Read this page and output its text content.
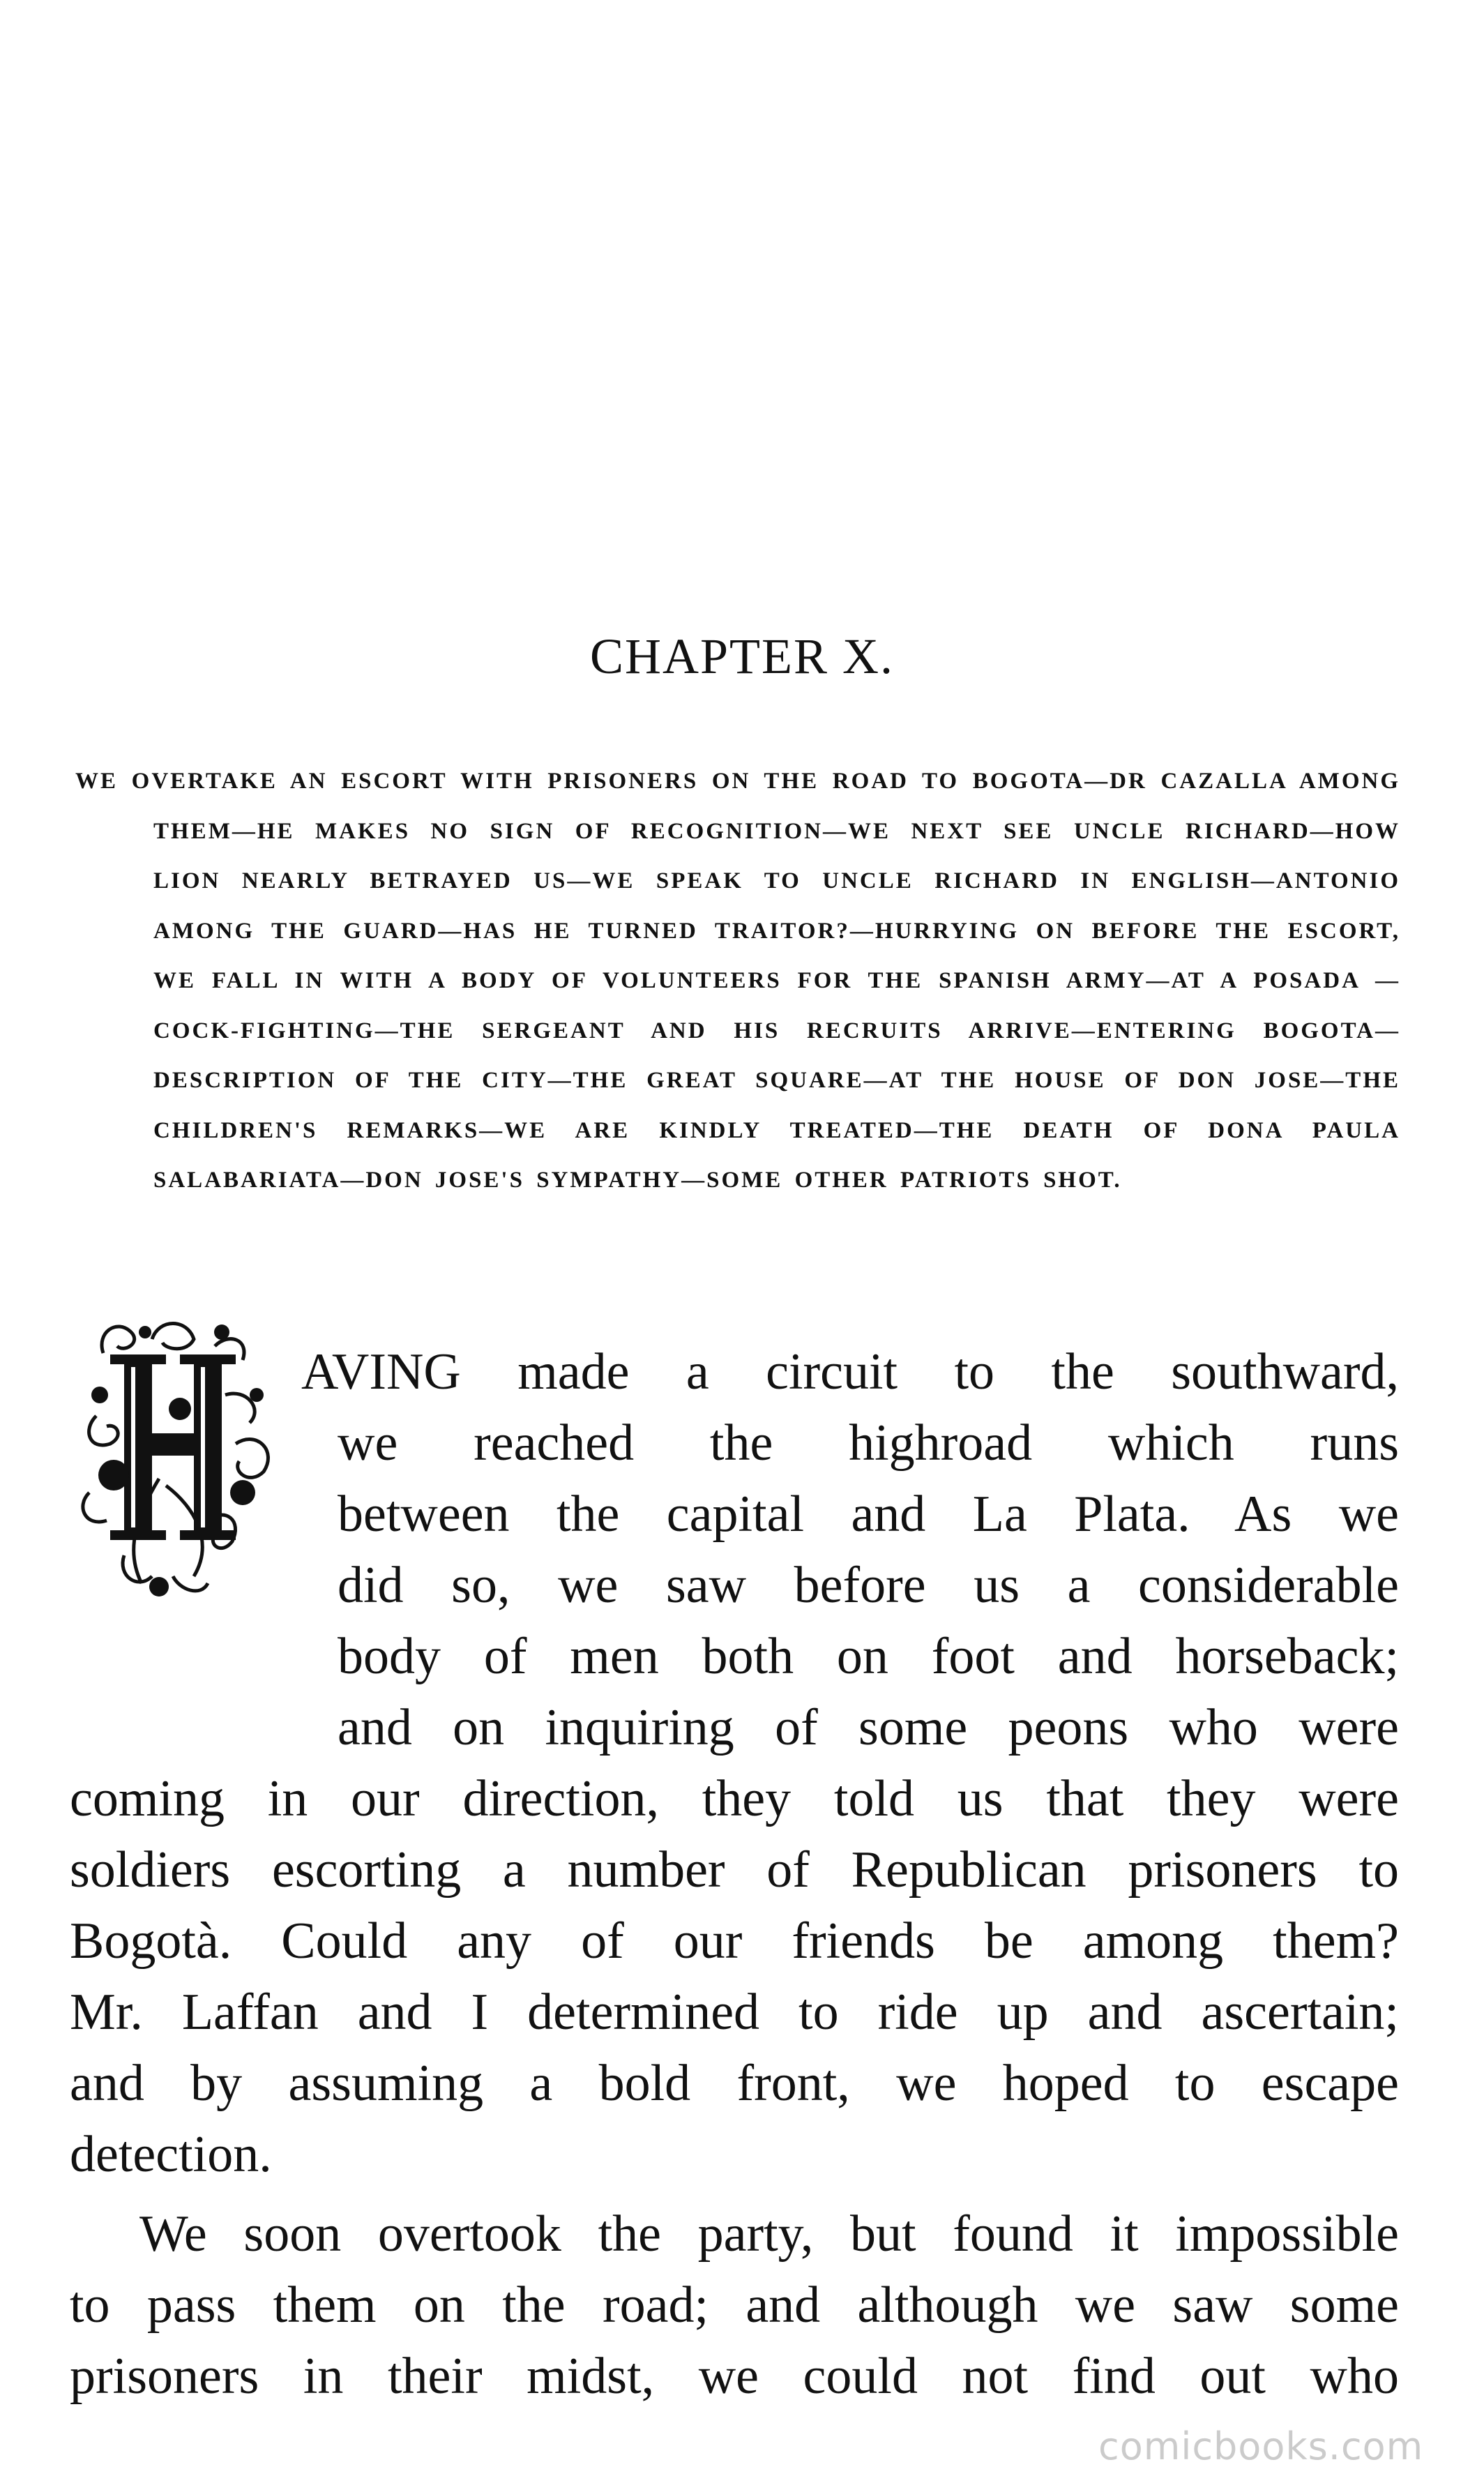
CHAPTER X.
WE OVERTAKE AN ESCORT WITH PRISONERS ON THE ROAD TO BOGOTA—DR CAZALLA AMONG THEM—HE MAKES NO SIGN OF RECOGNITION—WE NEXT SEE UNCLE RICHARD—HOW LION NEARLY BETRAYED US—WE SPEAK TO UNCLE RICHARD IN ENGLISH—ANTONIO AMONG THE GUARD—HAS HE TURNED TRAITOR?—HURRYING ON BEFORE THE ESCORT, WE FALL IN WITH A BODY OF VOLUNTEERS FOR THE SPANISH ARMY—AT A POSADA —COCK-FIGHTING—THE SERGEANT AND HIS RECRUITS ARRIVE—ENTERING BOGOTA—DESCRIPTION OF THE CITY—THE GREAT SQUARE—AT THE HOUSE OF DON JOSE—THE CHILDREN'S REMARKS—WE ARE KINDLY TREATED—THE DEATH OF DONA PAULA SALABARIATA—DON JOSE'S SYMPATHY—SOME OTHER PATRIOTS SHOT.
AVING made a circuit to the southward,
we reached the highroad which runs
between the capital and La Plata. As we
did so, we saw before us a considerable
body of men both on foot and horseback;
and on inquiring of some peons who were
coming in our direction, they told us that they were
soldiers escorting a number of Republican prisoners to
Bogotà. Could any of our friends be among them?
Mr. Laffan and I determined to ride up and ascertain;
and by assuming a bold front, we hoped to escape
detection.
We soon overtook the party, but found it impossible
to pass them on the road; and although we saw some
prisoners in their midst, we could not find out who
comicbooks.com
